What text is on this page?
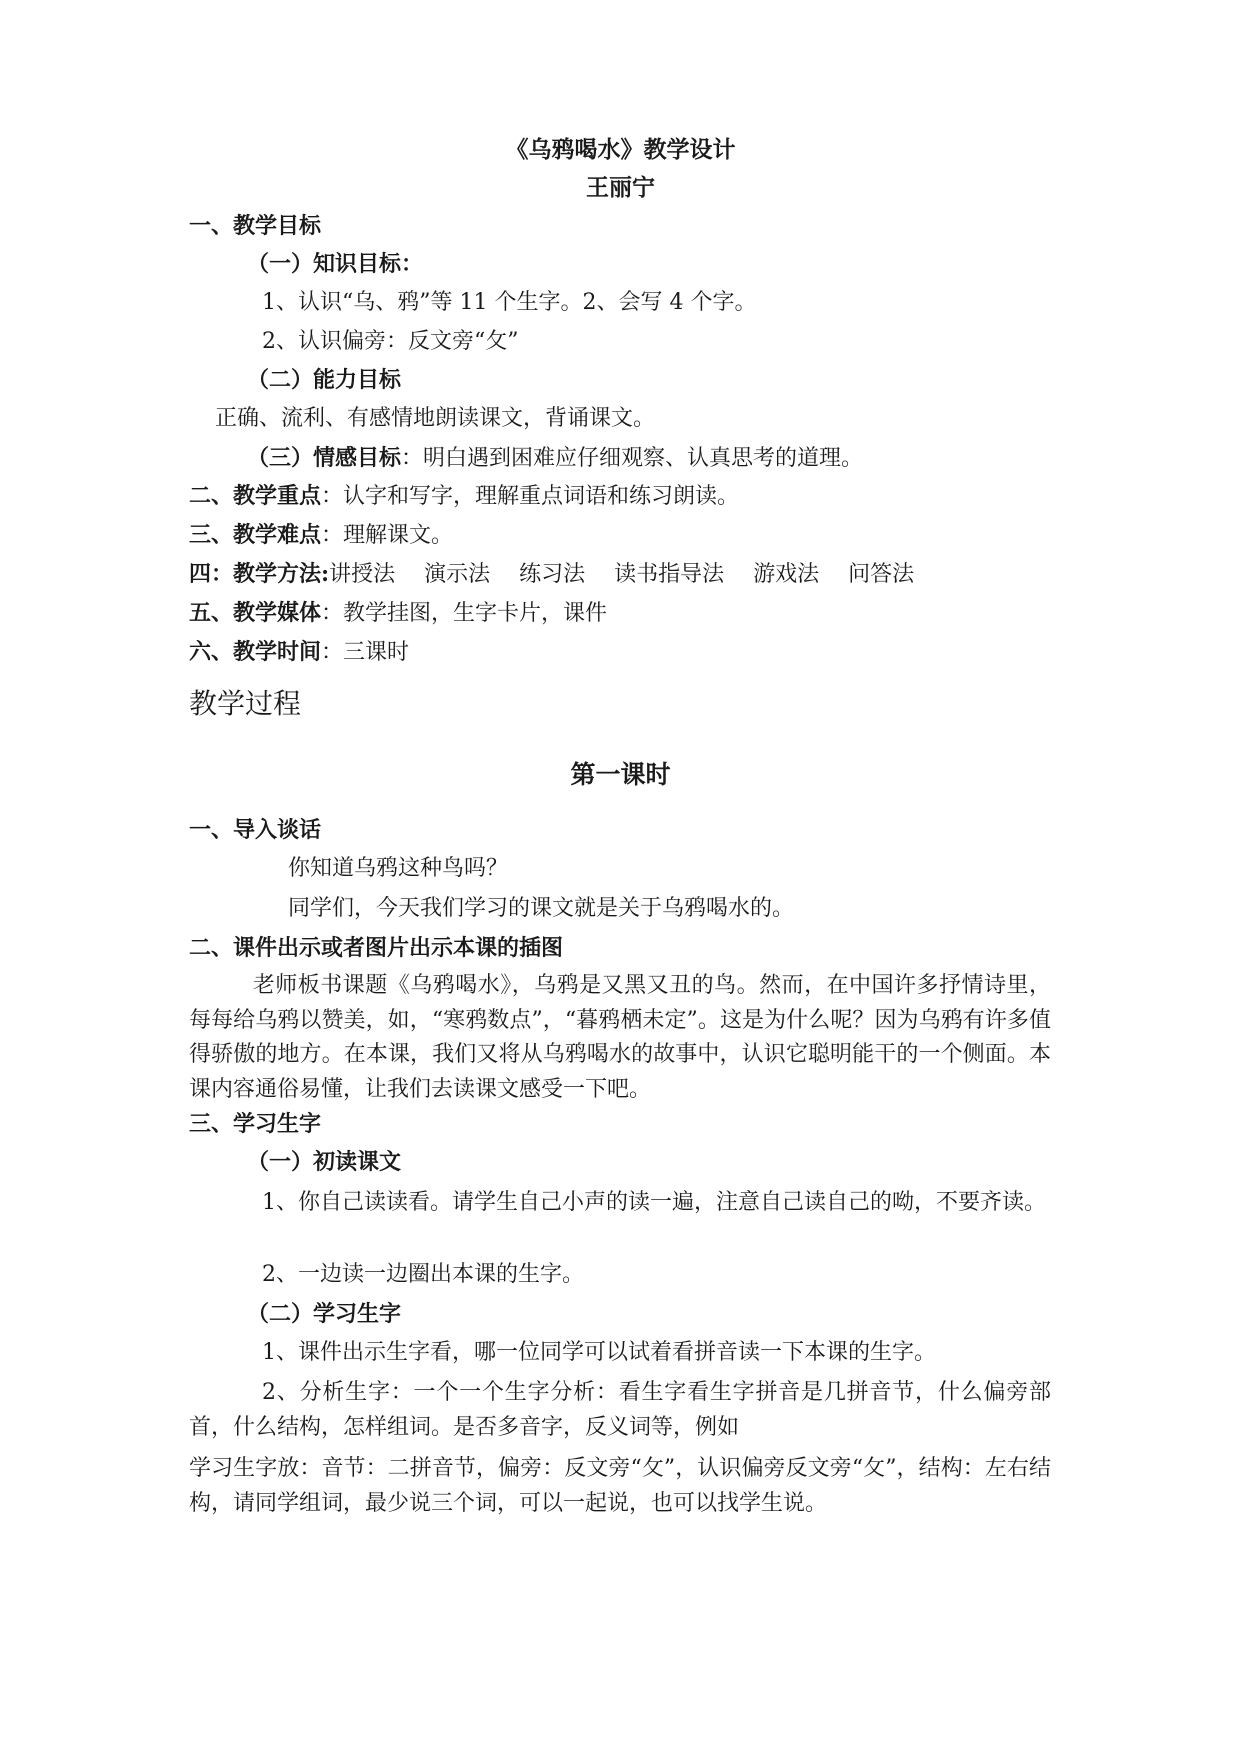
《乌鸦喝水》教学设计

王丽宁

一、教学目标

（一）知识目标：

1、认识“乌、鸦”等 11 个生字。2、会写 4 个字。

2、认识偏旁：反文旁“攵”

（二）能力目标

正确、流利、有感情地朗读课文，背诵课文。

（三）情感目标：明白遇到困难应仔细观察、认真思考的道理。

二、教学重点：认字和写字，理解重点词语和练习朗读。

三、教学难点：理解课文。

四：教学方法:讲授法　 演示法　 练习法　 读书指导法　 游戏法　 问答法

五、教学媒体：教学挂图，生字卡片，课件

六、教学时间：三课时

教学过程

第一课时

一、导入谈话

你知道乌鸦这种鸟吗？

同学们，今天我们学习的课文就是关于乌鸦喝水的。

二、课件出示或者图片出示本课的插图

老师板书课题《乌鸦喝水》，乌鸦是又黑又丑的鸟。然而，在中国许多抒情诗里，每每给乌鸦以赞美，如，“寒鸦数点”，“暮鸦栖未定”。这是为什么呢？因为乌鸦有许多值得骄傲的地方。在本课，我们又将从乌鸦喝水的故事中，认识它聪明能干的一个侧面。本课内容通俗易懂，让我们去读课文感受一下吧。

三、学习生字

（一）初读课文

1、你自己读读看。请学生自己小声的读一遍，注意自己读自己的呦，不要齐读。

2、一边读一边圈出本课的生字。

（二）学习生字

1、课件出示生字看，哪一位同学可以试着看拼音读一下本课的生字。

2、分析生字：一个一个生字分析：看生字看生字拼音是几拼音节，什么偏旁部首，什么结构，怎样组词。是否多音字，反义词等，例如

学习生字放：音节：二拼音节，偏旁：反文旁“攵”，认识偏旁反文旁“攵”，结构：左右结构，请同学组词，最少说三个词，可以一起说，也可以找学生说。
